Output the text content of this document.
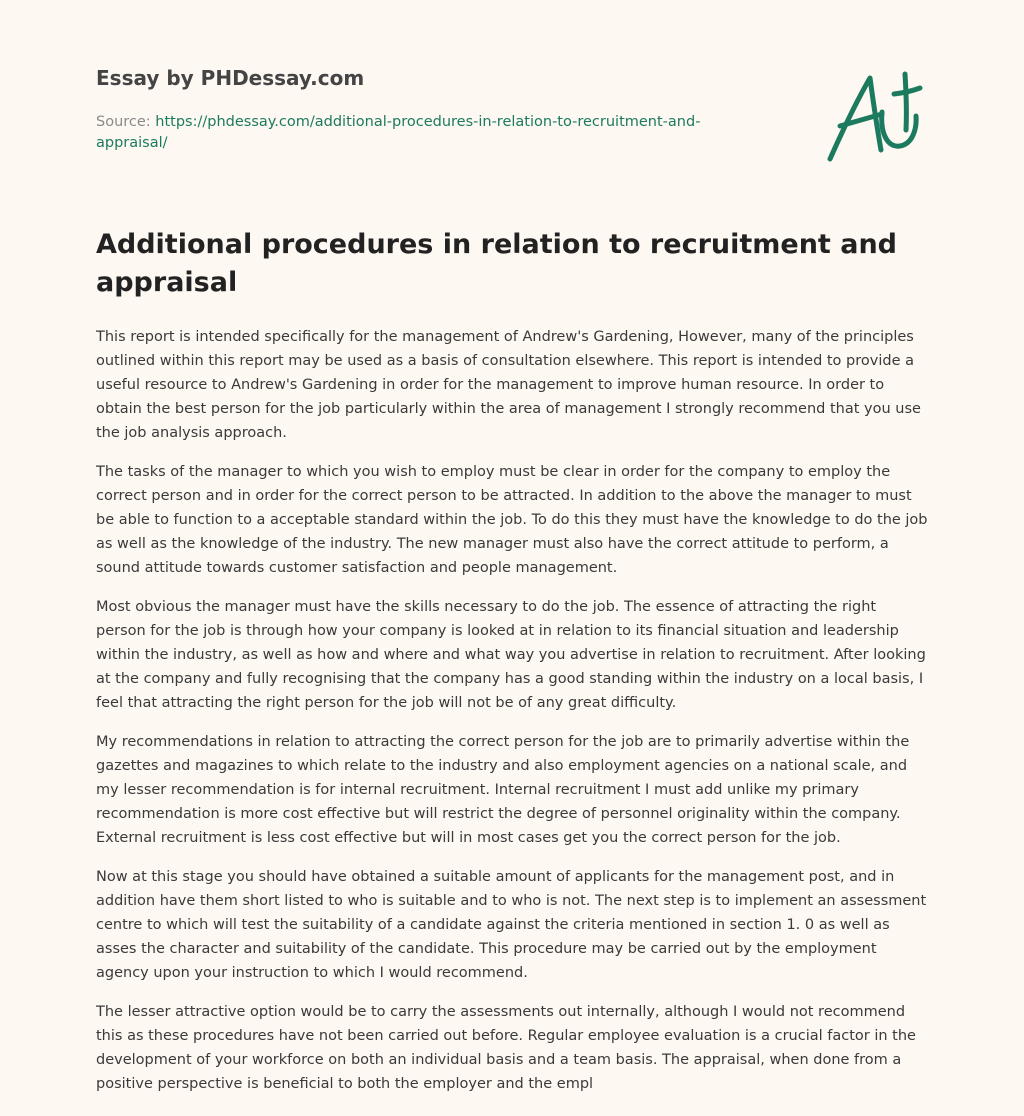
Essay by PHDessay.com
Source: https://phdessay.com/additional-procedures-in-relation-to-recruitment-and-appraisal/
Additional procedures in relation to recruitment and appraisal

This report is intended specifically for the management of Andrew's Gardening, However, many of the principles outlined within this report may be used as a basis of consultation elsewhere. This report is intended to provide a useful resource to Andrew's Gardening in order for the management to improve human resource. In order to obtain the best person for the job particularly within the area of management I strongly recommend that you use the job analysis approach.

The tasks of the manager to which you wish to employ must be clear in order for the company to employ the correct person and in order for the correct person to be attracted. In addition to the above the manager to must be able to function to a acceptable standard within the job. To do this they must have the knowledge to do the job as well as the knowledge of the industry. The new manager must also have the correct attitude to perform, a sound attitude towards customer satisfaction and people management.

Most obvious the manager must have the skills necessary to do the job. The essence of attracting the right person for the job is through how your company is looked at in relation to its financial situation and leadership within the industry, as well as how and where and what way you advertise in relation to recruitment. After looking at the company and fully recognising that the company has a good standing within the industry on a local basis, I feel that attracting the right person for the job will not be of any great difficulty.

My recommendations in relation to attracting the correct person for the job are to primarily advertise within the gazettes and magazines to which relate to the industry and also employment agencies on a national scale, and my lesser recommendation is for internal recruitment. Internal recruitment I must add unlike my primary recommendation is more cost effective but will restrict the degree of personnel originality within the company. External recruitment is less cost effective but will in most cases get you the correct person for the job.

Now at this stage you should have obtained a suitable amount of applicants for the management post, and in addition have them short listed to who is suitable and to who is not. The next step is to implement an assessment centre to which will test the suitability of a candidate against the criteria mentioned in section 1. 0 as well as asses the character and suitability of the candidate. This procedure may be carried out by the employment agency upon your instruction to which I would recommend.

The lesser attractive option would be to carry the assessments out internally, although I would not recommend this as these procedures have not been carried out before. Regular employee evaluation is a crucial factor in the development of your workforce on both an individual basis and a team basis. The appraisal, when done from a positive perspective is beneficial to both the employer and the empl
